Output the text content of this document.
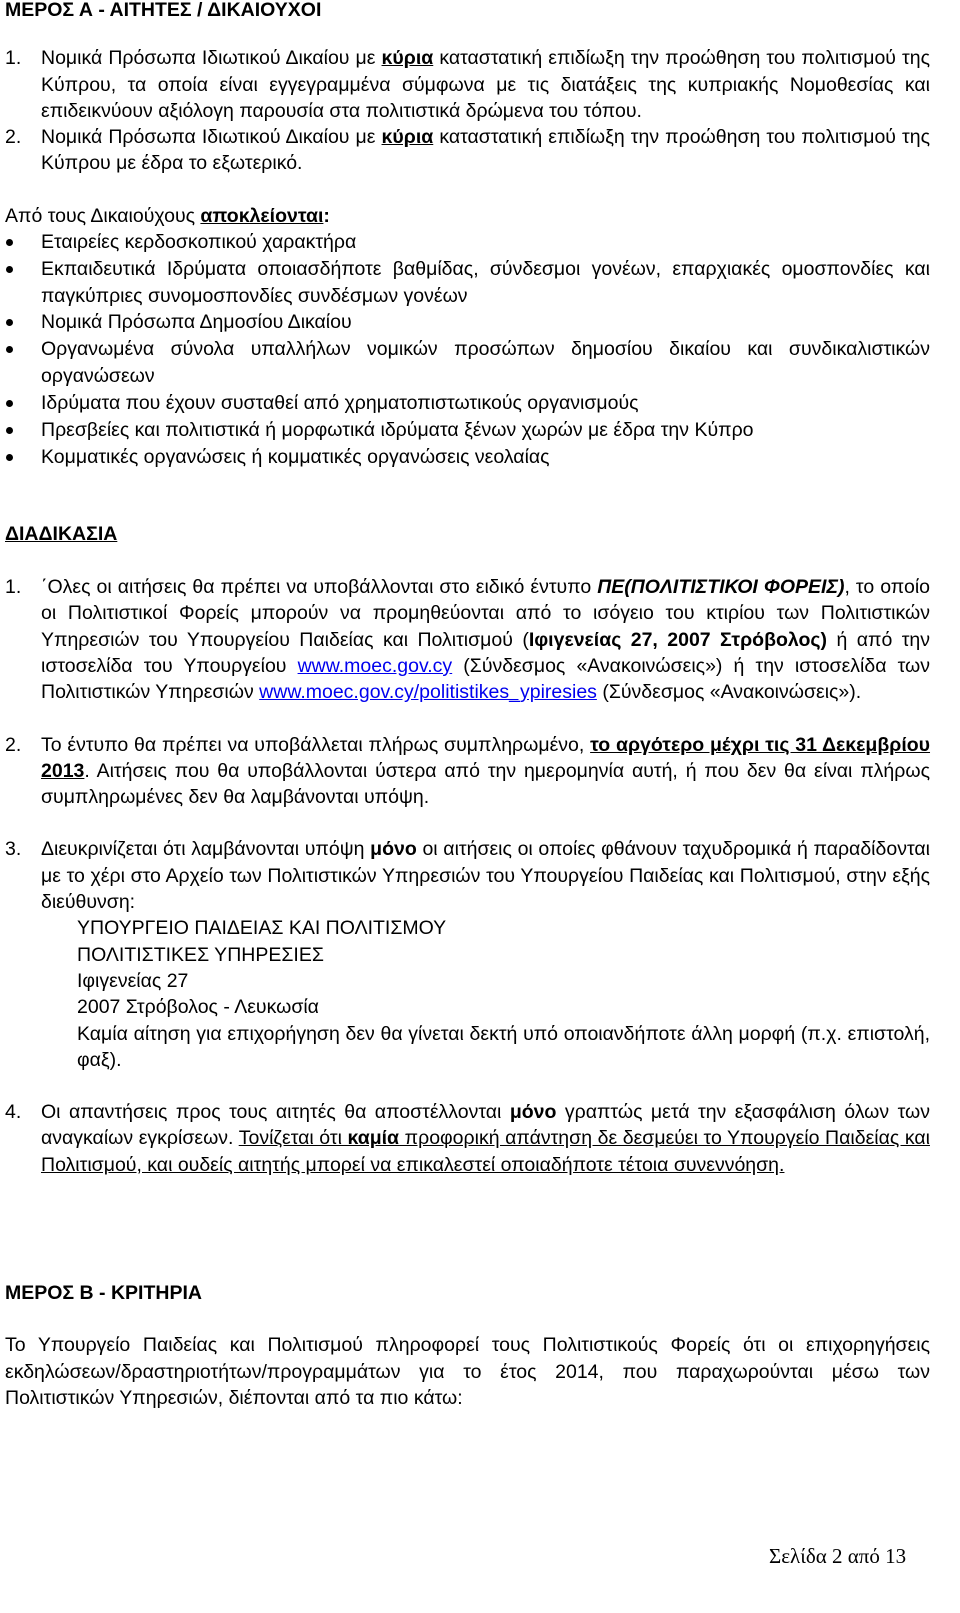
ΜΕΡΟΣ Α - ΑΙΤΗΤΕΣ / ΔΙΚΑΙΟΥΧΟΙ

1. Νομικά Πρόσωπα Ιδιωτικού Δικαίου με κύρια καταστατική επιδίωξη την προώθηση του πολιτισμού της Κύπρου, τα οποία είναι εγγεγραμμένα σύμφωνα με τις διατάξεις της κυπριακής Νομοθεσίας και επιδεικνύουν αξιόλογη παρουσία στα πολιτιστικά δρώμενα του τόπου.
2. Νομικά Πρόσωπα Ιδιωτικού Δικαίου με κύρια καταστατική επιδίωξη την προώθηση του πολιτισμού της Κύπρου με έδρα το εξωτερικό.
Από τους Δικαιούχους αποκλείονται:
Εταιρείες κερδοσκοπικού χαρακτήρα
Εκπαιδευτικά Ιδρύματα οποιασδήποτε βαθμίδας, σύνδεσμοι γονέων, επαρχιακές ομοσπονδίες και παγκύπριες συνομοσπονδίες συνδέσμων γονέων
Νομικά Πρόσωπα Δημοσίου Δικαίου
Οργανωμένα σύνολα υπαλλήλων νομικών προσώπων δημοσίου δικαίου και συνδικαλιστικών οργανώσεων
Ιδρύματα που έχουν συσταθεί από χρηματοπιστωτικούς οργανισμούς
Πρεσβείες και πολιτιστικά ή μορφωτικά ιδρύματα ξένων χωρών με έδρα την Κύπρο
Κομματικές οργανώσεις ή κομματικές οργανώσεις νεολαίας

ΔΙΑΔΙΚΑΣΙΑ

1. ΄Ολες οι αιτήσεις θα πρέπει να υποβάλλονται στο ειδικό έντυπο ΠΕ(ΠΟΛΙΤΙΣΤΙΚΟΙ ΦΟΡΕΙΣ), το οποίο οι Πολιτιστικοί Φορείς μπορούν να προμηθεύονται από το ισόγειο του κτιρίου των Πολιτιστικών Υπηρεσιών του Υπουργείου Παιδείας και Πολιτισμού (Ιφιγενείας 27, 2007 Στρόβολος) ή από την ιστοσελίδα του Υπουργείου www.moec.gov.cy (Σύνδεσμος «Ανακοινώσεις») ή την ιστοσελίδα των Πολιτιστικών Υπηρεσιών www.moec.gov.cy/politistikes_ypiresies (Σύνδεσμος «Ανακοινώσεις»).
2. Το έντυπο θα πρέπει να υποβάλλεται πλήρως συμπληρωμένο, το αργότερο μέχρι τις 31 Δεκεμβρίου 2013. Αιτήσεις που θα υποβάλλονται ύστερα από την ημερομηνία αυτή, ή που δεν θα είναι πλήρως συμπληρωμένες δεν θα λαμβάνονται υπόψη.
3. Διευκρινίζεται ότι λαμβάνονται υπόψη μόνο οι αιτήσεις οι οποίες φθάνουν ταχυδρομικά ή παραδίδονται με το χέρι στο Αρχείο των Πολιτιστικών Υπηρεσιών του Υπουργείου Παιδείας και Πολιτισμού, στην εξής διεύθυνση:
ΥΠΟΥΡΓΕΙΟ ΠΑΙΔΕΙΑΣ ΚΑΙ ΠΟΛΙΤΙΣΜΟΥ
ΠΟΛΙΤΙΣΤΙΚΕΣ ΥΠΗΡΕΣΙΕΣ
Ιφιγενείας 27
2007 Στρόβολος - Λευκωσία
Καμία αίτηση για επιχορήγηση δεν θα γίνεται δεκτή υπό οποιανδήποτε άλλη μορφή (π.χ. επιστολή, φαξ).
4. Οι απαντήσεις προς τους αιτητές θα αποστέλλονται μόνο γραπτώς μετά την εξασφάλιση όλων των αναγκαίων εγκρίσεων. Τονίζεται ότι καμία προφορική απάντηση δε δεσμεύει το Υπουργείο Παιδείας και Πολιτισμού, και ουδείς αιτητής μπορεί να επικαλεστεί οποιαδήποτε τέτοια συνεννόηση.

ΜΕΡΟΣ Β - ΚΡΙΤΗΡΙΑ

Το Υπουργείο Παιδείας και Πολιτισμού πληροφορεί τους Πολιτιστικούς Φορείς ότι οι επιχορηγήσεις εκδηλώσεων/δραστηριοτήτων/προγραμμάτων για το έτος 2014, που παραχωρούνται μέσω των Πολιτιστικών Υπηρεσιών, διέπονται από τα πιο κάτω:

Σελίδα 2 από 13
